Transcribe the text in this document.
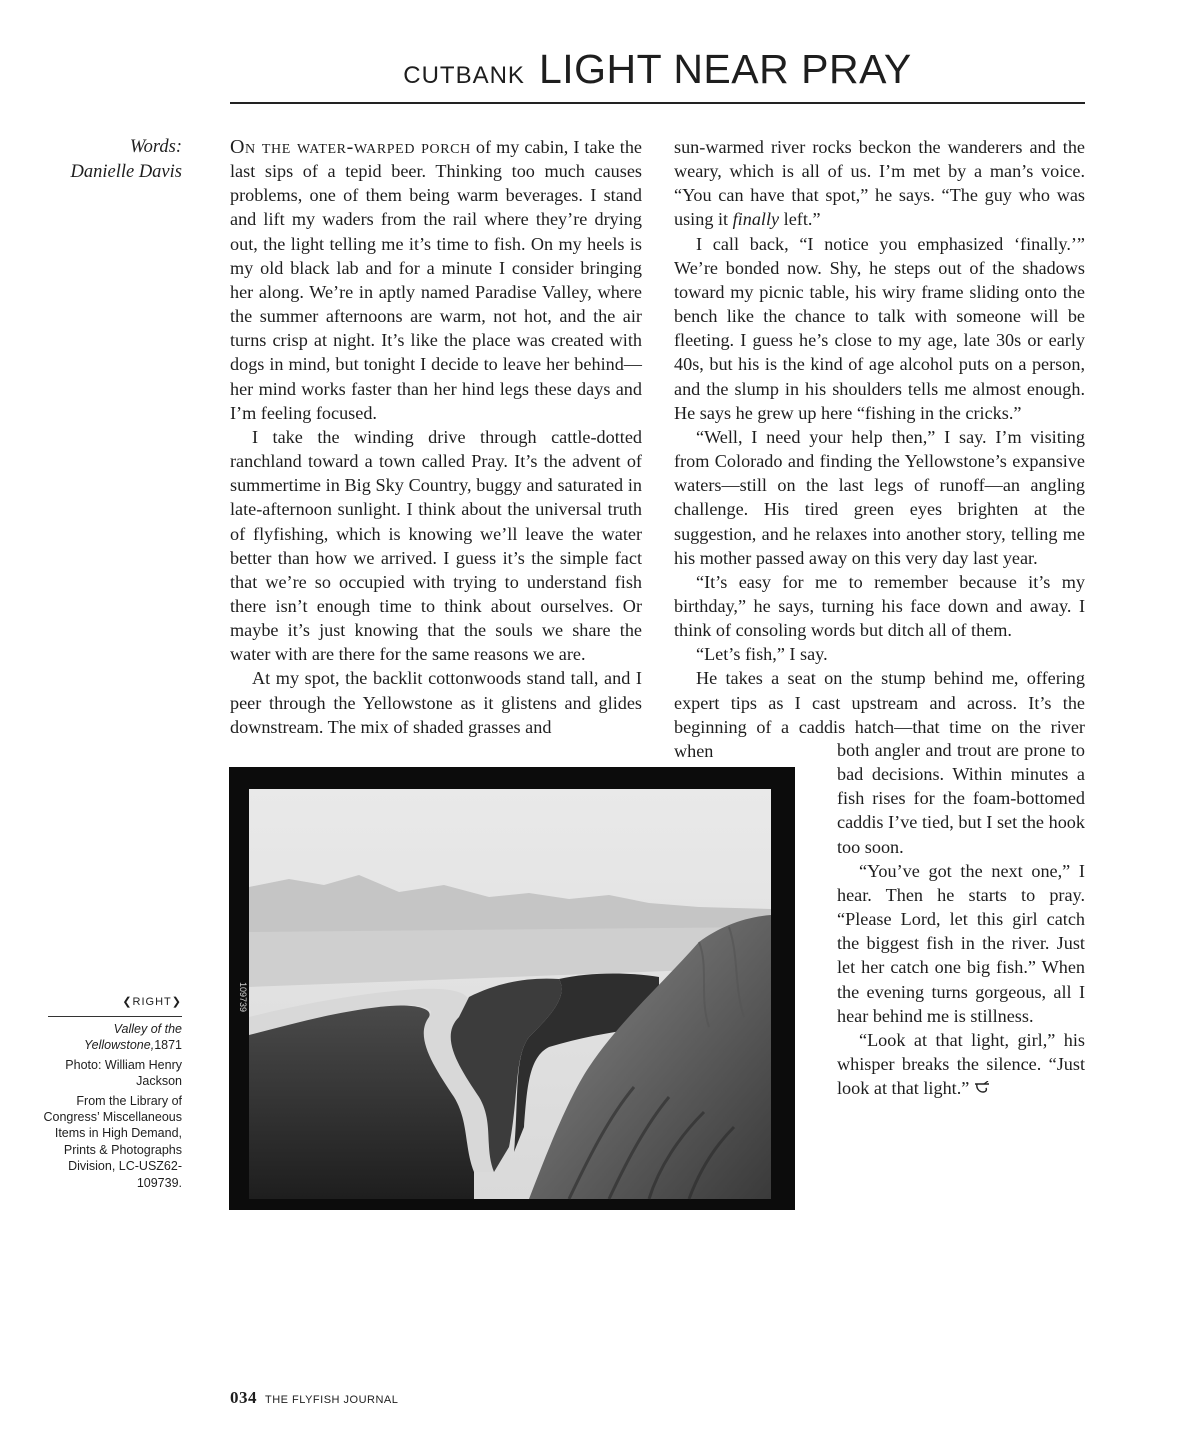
CUTBANK LIGHT NEAR PRAY
Words:
Danielle Davis

On the water-warped porch of my cabin, I take the last sips of a tepid beer. Thinking too much causes problems, one of them being warm beverages. I stand and lift my waders from the rail where they’re drying out, the light telling me it’s time to fish. On my heels is my old black lab and for a minute I consider bringing her along. We’re in aptly named Paradise Valley, where the summer afternoons are warm, not hot, and the air turns crisp at night. It’s like the place was created with dogs in mind, but tonight I decide to leave her behind—her mind works faster than her hind legs these days and I’m feeling focused.

I take the winding drive through cattle-dotted ranchland toward a town called Pray. It’s the advent of summertime in Big Sky Country, buggy and saturated in late-afternoon sunlight. I think about the universal truth of flyfishing, which is knowing we’ll leave the water better than how we arrived. I guess it’s the simple fact that we’re so occupied with trying to understand fish there isn’t enough time to think about ourselves. Or maybe it’s just knowing that the souls we share the water with are there for the same reasons we are.

At my spot, the backlit cottonwoods stand tall, and I peer through the Yellowstone as it glistens and glides downstream. The mix of shaded grasses and

sun-warmed river rocks beckon the wanderers and the weary, which is all of us. I’m met by a man’s voice. “You can have that spot,” he says. “The guy who was using it finally left.”

I call back, “I notice you emphasized ‘finally.’” We’re bonded now. Shy, he steps out of the shadows toward my picnic table, his wiry frame sliding onto the bench like the chance to talk with someone will be fleeting. I guess he’s close to my age, late 30s or early 40s, but his is the kind of age alcohol puts on a person, and the slump in his shoulders tells me almost enough. He says he grew up here “fishing in the cricks.”

“Well, I need your help then,” I say. I’m visiting from Colorado and finding the Yellowstone’s expansive waters—still on the last legs of runoff—an angling challenge. His tired green eyes brighten at the suggestion, and he relaxes into another story, telling me his mother passed away on this very day last year.

“It’s easy for me to remember because it’s my birthday,” he says, turning his face down and away. I think of consoling words but ditch all of them.

“Let’s fish,” I say.

He takes a seat on the stump behind me, offering expert tips as I cast upstream and across. It’s the beginning of a caddis hatch—that time on the river when	both angler and trout are prone to bad decisions. Within minutes a fish rises for the foam-bottomed caddis I’ve tied, but I set the hook too soon.

“You’ve got the next one,” I hear. Then he starts to pray. “Please Lord, let this girl catch the biggest fish in the river. Just let her catch one big fish.” When the evening turns gorgeous, all I hear behind me is stillness.

“Look at that light, girl,” his whisper breaks the silence. “Just look at that light.”

109739
❮RIGHT❯
Valley of the Yellowstone,1871
Photo: William Henry Jackson
From the Library of Congress’ Miscellaneous Items in High Demand, Prints & Photographs Division, LC-USZ62-109739.
034 THE FLYFISH JOURNAL
